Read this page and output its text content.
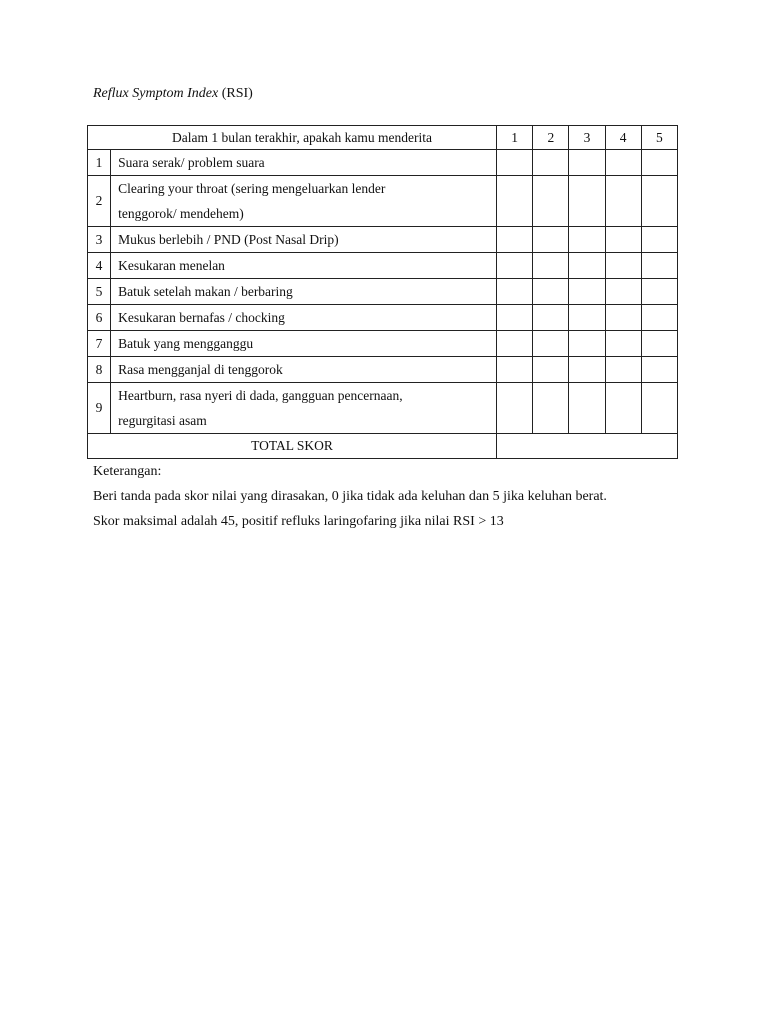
Reflux Symptom Index (RSI)
Dalam 1 bulan terakhir, apakah kamu menderita		1	2	3	4	5
1	Suara serak/ problem suara					
2	Clearing your throat (sering mengeluarkan lender
tenggorok/ mendehem)					
3	Mukus berlebih / PND (Post Nasal Drip)					
4	Kesukaran menelan					
5	Batuk setelah makan / berbaring					
6	Kesukaran bernafas / chocking					
7	Batuk yang mengganggu					
8	Rasa mengganjal di tenggorok					
9	Heartburn, rasa nyeri di dada, gangguan pencernaan,
regurgitasi asam					
TOTAL SKOR						
Keterangan:
Beri tanda pada skor nilai yang dirasakan, 0 jika tidak ada keluhan dan 5 jika keluhan berat.
Skor maksimal adalah 45, positif refluks laringofaring jika nilai RSI > 13
